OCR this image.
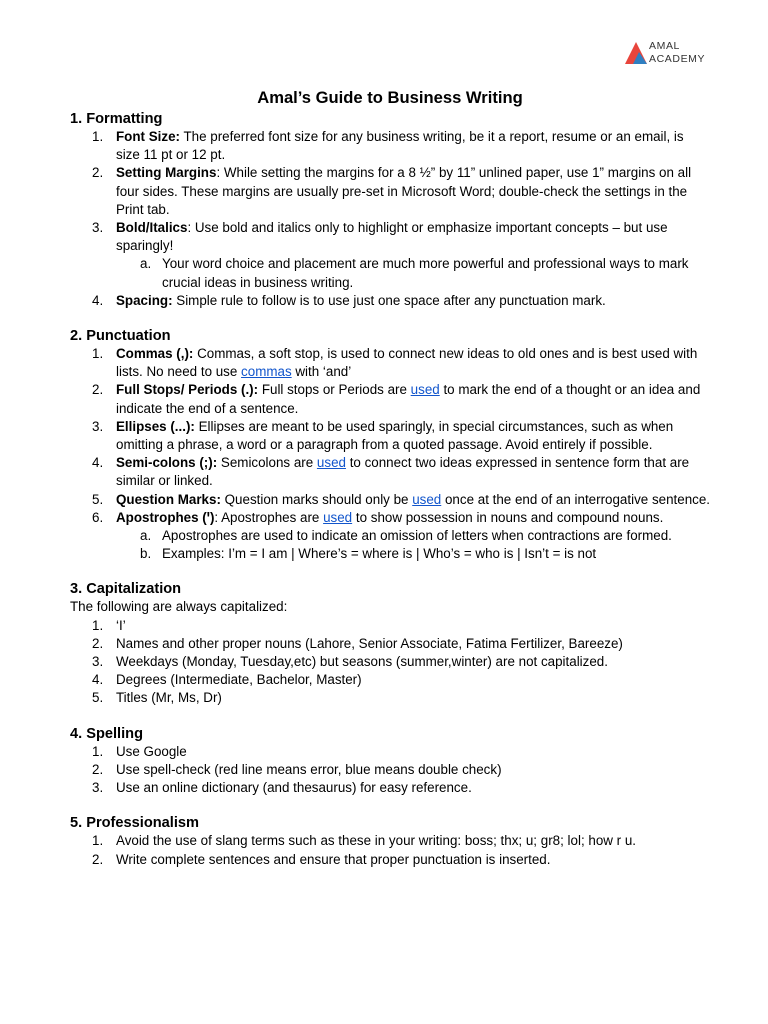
AMAL
ACADEMY
Amal’s Guide to Business Writing
1. Formatting
1. Font Size: The preferred font size for any business writing, be it a report, resume or an email, is size 11 pt or 12 pt.
2. Setting Margins: While setting the margins for a 8 ½” by 11” unlined paper, use 1” margins on all four sides. These margins are usually pre-set in Microsoft Word; double-check the settings in the Print tab.
3. Bold/Italics: Use bold and italics only to highlight or emphasize important concepts – but use sparingly!
a. Your word choice and placement are much more powerful and professional ways to mark crucial ideas in business writing.
4. Spacing: Simple rule to follow is to use just one space after any punctuation mark.
2. Punctuation
1. Commas (,): Commas, a soft stop, is used to connect new ideas to old ones and is best used with lists. No need to use commas with ‘and’
2. Full Stops/ Periods (.): Full stops or Periods are used to mark the end of a thought or an idea and indicate the end of a sentence.
3. Ellipses (...): Ellipses are meant to be used sparingly, in special circumstances, such as when omitting a phrase, a word or a paragraph from a quoted passage. Avoid entirely if possible.
4. Semi-colons (;): Semicolons are used to connect two ideas expressed in sentence form that are similar or linked.
5. Question Marks: Question marks should only be used once at the end of an interrogative sentence.
6. Apostrophes (ꞌ): Apostrophes are used to show possession in nouns and compound nouns.
a. Apostrophes are used to indicate an omission of letters when contractions are formed.
b. Examples: I’m = I am | Where’s = where is | Who’s = who is | Isn’t = is not
3. Capitalization
The following are always capitalized:
1. ‘I’
2. Names and other proper nouns (Lahore, Senior Associate, Fatima Fertilizer, Bareeze)
3. Weekdays (Monday, Tuesday,etc) but seasons (summer,winter) are not capitalized.
4. Degrees (Intermediate, Bachelor, Master)
5. Titles (Mr, Ms, Dr)
4. Spelling
1. Use Google
2. Use spell-check (red line means error, blue means double check)
3. Use an online dictionary (and thesaurus) for easy reference.
5. Professionalism
1. Avoid the use of slang terms such as these in your writing: boss; thx; u; gr8; lol; how r u.
2. Write complete sentences and ensure that proper punctuation is inserted.
